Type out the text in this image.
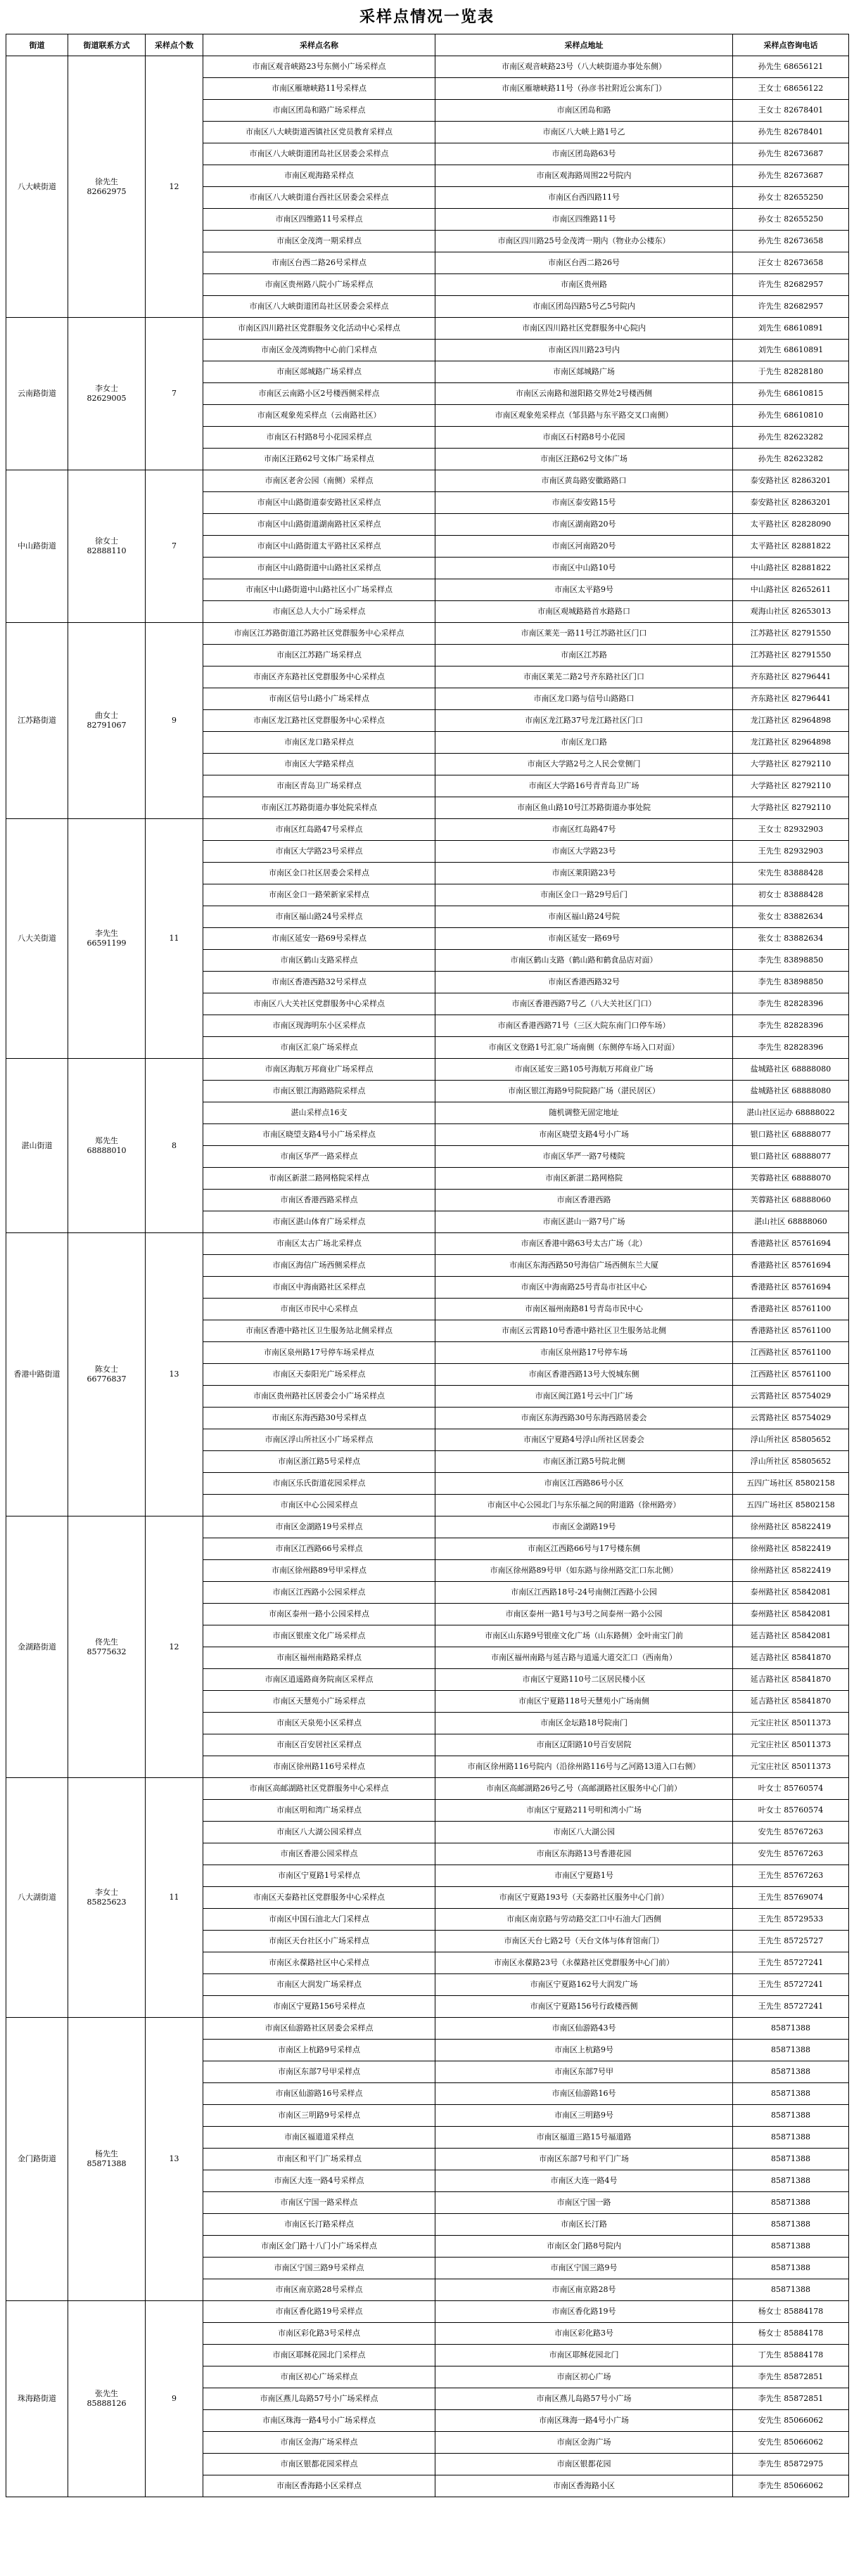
采样点情况一览表
街道	街道联系方式	采样点个数	采样点名称	采样点地址	采样点咨询电话
八大峡街道	徐先生
82662975	12	市南区观音峡路23号东侧小广场采样点	市南区观音峡路23号（八大峡街道办事处东侧）	孙先生 68656121
			市南区雁塘峡路11号采样点	市南区雁塘峡路11号（孙彦书社附近公寓东门）	王女士 68656122
			市南区团岛和路广场采样点	市南区团岛和路	王女士 82678401
			市南区八大峡街道西镇社区党员教育采样点	市南区八大峡上路1号乙	孙先生 82678401
			市南区八大峡街道团岛社区居委会采样点	市南区团岛路63号	孙先生 82673687
			市南区观海路采样点	市南区观海路周围22号院内	孙先生 82673687
			市南区八大峡街道台西社区居委会采样点	市南区台西四路11号	孙女士 82655250
			市南区四维路11号采样点	市南区四维路11号	孙女士 82655250
			市南区金茂湾一期采样点	市南区四川路25号金茂湾一期内（物业办公楼东）	孙先生 82673658
			市南区台西二路26号采样点	市南区台西二路26号	汪女士 82673658
			市南区贵州路八院小广场采样点	市南区贵州路	许先生 82682957
			市南区八大峡街道团岛社区居委会采样点	市南区团岛四路5号乙5号院内	许先生 82682957
云南路街道	李女士
82629005	7	市南区四川路社区党群服务文化活动中心采样点	市南区四川路社区党群服务中心院内	刘先生 68610891
			市南区金茂湾购物中心前门采样点	市南区四川路23号内	刘先生 68610891
			市南区郯城路广场采样点	市南区郯城路广场	于先生 82828180
			市南区云南路小区2号楼西侧采样点	市南区云南路和滋阳路交界处2号楼西侧	孙先生 68610815
			市南区观象苑采样点（云南路社区）	市南区观象苑采样点（邹县路与东平路交叉口南侧）	孙先生 68610810
			市南区石村路8号小花园采样点	市南区石村路8号小花园	孙先生 82623282
			市南区汪路62号文体广场采样点	市南区汪路62号文体广场	孙先生 82623282
中山路街道	徐女士
82888110	7	市南区老舍公园（南侧）采样点	市南区黄岛路安徽路路口	泰安路社区 82863201
			市南区中山路街道泰安路社区采样点	市南区泰安路15号	泰安路社区 82863201
			市南区中山路街道湖南路社区采样点	市南区湖南路20号	太平路社区 82828090
			市南区中山路街道太平路社区采样点	市南区河南路20号	太平路社区 82881822
			市南区中山路街道中山路社区采样点	市南区中山路10号	中山路社区 82881822
			市南区中山路街道中山路社区小广场采样点	市南区太平路9号	中山路社区 82652611
			市南区总人大小广场采样点	市南区观城路路首水路路口	观海山社区 82653013
江苏路街道	曲女士
82791067	9	市南区江苏路街道江苏路社区党群服务中心采样点	市南区莱芜一路11号江苏路社区门口	江苏路社区 82791550
			市南区江苏路广场采样点	市南区江苏路	江苏路社区 82791550
			市南区齐东路社区党群服务中心采样点	市南区莱芜二路2号齐东路社区门口	齐东路社区 82796441
			市南区信号山路小广场采样点	市南区龙口路与信号山路路口	齐东路社区 82796441
			市南区龙江路社区党群服务中心采样点	市南区龙江路37号龙江路社区门口	龙江路社区 82964898
			市南区龙口路采样点	市南区龙口路	龙江路社区 82964898
			市南区大学路采样点	市南区大学路2号之人民会堂侧门	大学路社区 82792110
			市南区青岛卫广场采样点	市南区大学路16号青青岛卫广场	大学路社区 82792110
			市南区江苏路街道办事处院采样点	市南区鱼山路10号江苏路街道办事处院	大学路社区 82792110
八大关街道	李先生
66591199	11	市南区红岛路47号采样点	市南区红岛路47号	王女士 82932903
			市南区大学路23号采样点	市南区大学路23号	王先生 82932903
			市南区金口社区居委会采样点	市南区莱阳路23号	宋先生 83888428
			市南区金口一路荣新家采样点	市南区金口一路29号后门	初女士 83888428
			市南区福山路24号采样点	市南区福山路24号院	张女士 83882634
			市南区延安一路69号采样点	市南区延安一路69号	张女士 83882634
			市南区鹤山支路采样点	市南区鹤山支路（鹤山路和鹤食品店对面）	李先生 83898850
			市南区香港西路32号采样点	市南区香港西路32号	李先生 83898850
			市南区八大关社区党群服务中心采样点	市南区香港西路7号乙（八大关社区门口）	李先生 82828396
			市南区现海明东小区采样点	市南区香港西路71号（三区大院东南门口停车场）	李先生 82828396
			市南区汇泉广场采样点	市南区文登路1号汇泉广场南侧（东侧停车场入口对面）	李先生 82828396
湛山街道	郑先生
68888010	8	市南区海航万邦商业广场采样点	市南区延安三路105号海航万邦商业广场	盐城路社区 68888080
			市南区银江海路路院采样点	市南区银江海路9号院院路广场（湛民居区）	盐城路社区 68888080
			湛山采样点16支	随机调整无固定地址	湛山社区运办 68888022
			市南区晓望支路4号小广场采样点	市南区晓望支路4号小广场	银口路社区 68888077
			市南区华严一路采样点	市南区华严一路7号楼院	银口路社区 68888077
			市南区新湛二路网格院采样点	市南区新湛二路网格院	芙蓉路社区 68888070
			市南区香港西路采样点	市南区香港西路	芙蓉路社区 68888060
			市南区湛山体育广场采样点	市南区湛山一路7号广场	湛山社区 68888060
香港中路街道	陈女士
66776837	13	市南区太古广场北采样点	市南区香港中路63号太古广场（北）	香港路社区 85761694
			市南区海信广场西侧采样点	市南区东海西路50号海信广场西侧东兰大厦	香港路社区 85761694
			市南区中海南路社区采样点	市南区中海南路25号青岛市社区中心	香港路社区 85761694
			市南区市民中心采样点	市南区福州南路81号青岛市民中心	香港路社区 85761100
			市南区香港中路社区卫生服务站北侧采样点	市南区云霄路10号香港中路社区卫生服务站北侧	香港路社区 85761100
			市南区泉州路17号停车场采样点	市南区泉州路17号停车场	江西路社区 85761100
			市南区天泰阳光广场采样点	市南区香港西路13号大悦城东侧	江西路社区 85761100
			市南区贵州路社区居委会小广场采样点	市南区闽江路1号云中门广场	云霄路社区 85754029
			市南区东海西路30号采样点	市南区东海西路30号东海西路居委会	云霄路社区 85754029
			市南区浮山所社区小广场采样点	市南区宁夏路4号浮山所社区居委会	浮山所社区 85805652
			市南区浙江路5号采样点	市南区浙江路5号院北侧	浮山所社区 85805652
			市南区乐氏街道花园采样点	市南区江西路86号小区	五四广场社区 85802158
			市南区中心公园采样点	市南区中心公园北门与东乐福之间的附道路（徐州路旁）	五四广场社区 85802158
金湖路街道	佟先生
85775632	12	市南区金湖路19号采样点	市南区金湖路19号	徐州路社区 85822419
			市南区江西路66号采样点	市南区江西路66号与17号楼东侧	徐州路社区 85822419
			市南区徐州路89号甲采样点	市南区徐州路89号甲（如东路与徐州路交汇口东北侧）	徐州路社区 85822419
			市南区江西路小公园采样点	市南区江西路18号-24号南侧江西路小公园	泰州路社区 85842081
			市南区泰州一路小公园采样点	市南区泰州一路1号与3号之间泰州一路小公园	泰州路社区 85842081
			市南区银座文化广场采样点	市南区山东路9号银座文化广场（山东路侧）金叶南宝门前	延吉路社区 85842081
			市南区福州南路路采样点	市南区福州南路与延吉路与逍遥大道交汇口（西南角）	延吉路社区 85841870
			市南区逍遥路商务院南区采样点	市南区宁夏路110号二区居民楼小区	延吉路社区 85841870
			市南区天慧苑小广场采样点	市南区宁夏路118号天慧苑小广场南侧	延吉路社区 85841870
			市南区天泉苑小区采样点	市南区金坛路18号院南门	元宝庄社区 85011373
			市南区百安居社区采样点	市南区辽阳路10号百安居院	元宝庄社区 85011373
			市南区徐州路116号采样点	市南区徐州路116号院内（沿徐州路116号与乙河路13道入口右侧）	元宝庄社区 85011373
八大湖街道	李女士
85825623	11	市南区高邮湖路社区党群服务中心采样点	市南区高邮湖路26号乙号（高邮湖路社区服务中心门前）	叶女士 85760574
			市南区明和湾广场采样点	市南区宁夏路211号明和湾小广场	叶女士 85760574
			市南区八大湖公园采样点	市南区八大湖公园	安先生 85767263
			市南区香港公园采样点	市南区东海路13号香港花园	安先生 85767263
			市南区宁夏路1号采样点	市南区宁夏路1号	王先生 85767263
			市南区天泰路社区党群服务中心采样点	市南区宁夏路193号（天泰路社区服务中心门前）	王先生 85769074
			市南区中国石油北大门采样点	市南区南京路与劳动路交汇口中石油大门西侧	王先生 85729533
			市南区天台社区小广场采样点	市南区天台七路2号（天台文体与体育馆南门）	王先生 85725727
			市南区永葆路社区中心采样点	市南区永葆路23号（永葆路社区党群服务中心门前）	王先生 85727241
			市南区大润发广场采样点	市南区宁夏路162号大润发广场	王先生 85727241
			市南区宁夏路156号采样点	市南区宁夏路156号行政楼西侧	王先生 85727241
金门路街道	杨先生
85871388	13	市南区仙游路社区居委会采样点	市南区仙游路43号	85871388
			市南区上杭路9号采样点	市南区上杭路9号	85871388
			市南区东部7号甲采样点	市南区东部7号甲	85871388
			市南区仙游路16号采样点	市南区仙游路16号	85871388
			市南区三明路9号采样点	市南区三明路9号	85871388
			市南区福道道采样点	市南区福道三路15号福道路	85871388
			市南区和平门广场采样点	市南区东部7号和平门广场	85871388
			市南区大连一路4号采样点	市南区大连一路4号	85871388
			市南区宁国一路采样点	市南区宁国一路	85871388
			市南区长汀路采样点	市南区长汀路	85871388
			市南区金门路十八门小广场采样点	市南区金门路8号院内	85871388
			市南区宁国三路9号采样点	市南区宁国三路9号	85871388
			市南区南京路28号采样点	市南区南京路28号	85871388
珠海路街道	张先生
85888126	9	市南区香化路19号采样点	市南区香化路19号	杨女士 85884178
			市南区彩化路3号采样点	市南区彩化路3号	杨女士 85884178
			市南区耶稣花园北门采样点	市南区耶稣花园北门	丁先生 85884178
			市南区初心广场采样点	市南区初心广场	李先生 85872851
			市南区燕儿岛路57号小广场采样点	市南区燕儿岛路57号小广场	李先生 85872851
			市南区珠海一路4号小广场采样点	市南区珠海一路4号小广场	安先生 85066062
			市南区金海广场采样点	市南区金海广场	安先生 85066062
			市南区银都花园采样点	市南区银都花园	李先生 85872975
			市南区香海路小区采样点	市南区香海路小区	李先生 85066062
